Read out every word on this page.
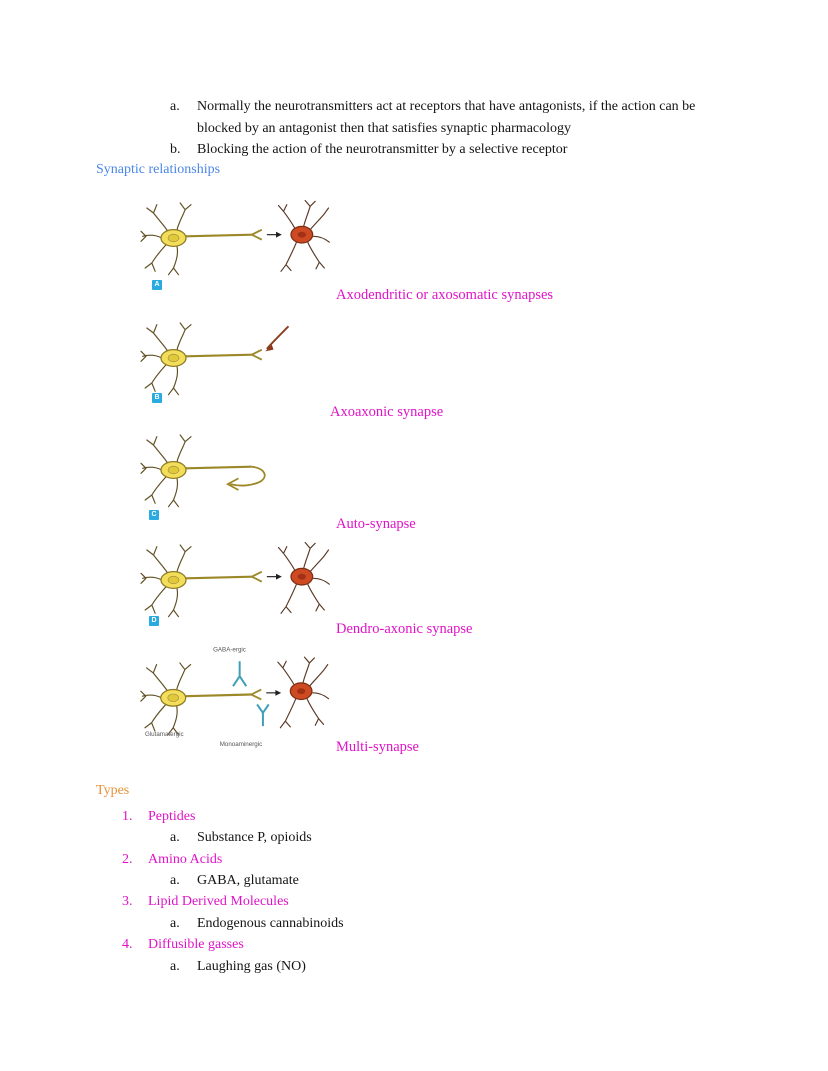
a.	Normally the neurotransmitters act at receptors that have antagonists, if the action can be blocked by an antagonist then that satisfies synaptic pharmacology
b.	Blocking the action of the neurotransmitter by a selective receptor
Synaptic relationships
A
Axodendritic or axosomatic synapses
B
Axoaxonic synapse
C
Auto-synapse
D
Dendro-axonic synapse
GABA-ergic
Glutamatergic
Monoaminergic	Multi-synapse
Types
1.	Peptides
a.	Substance P, opioids
2.	Amino Acids
a.	GABA, glutamate
3.	Lipid Derived Molecules
a.	Endogenous cannabinoids
4.	Diffusible gasses
a.	Laughing gas (NO)
